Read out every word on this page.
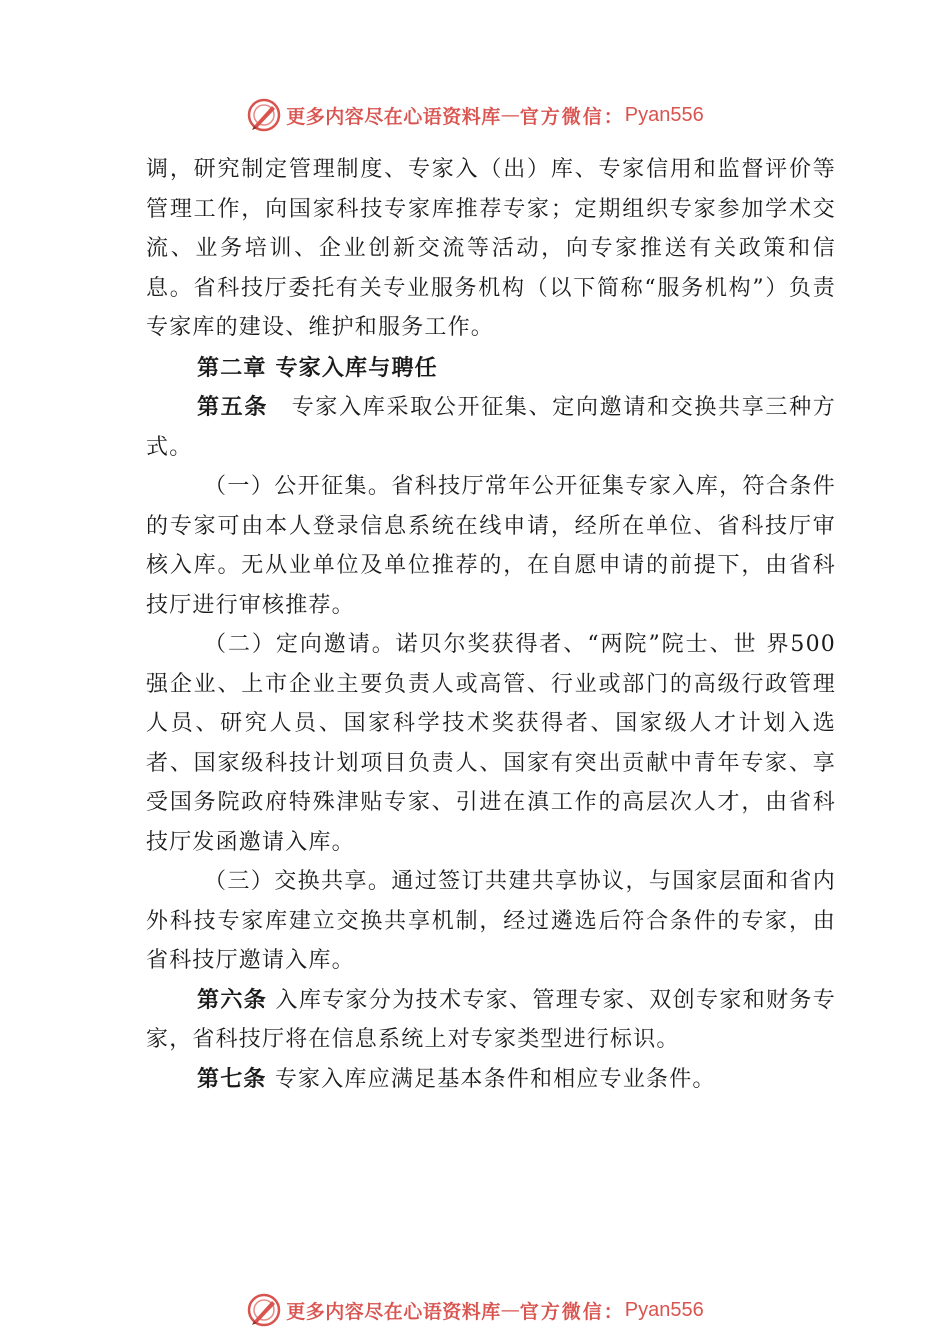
更多内容尽在心语资料库 — 官方微信： Pyan556

调，研究制定管理制度、专家入（出）库、专家信用和监督评价等管理工作，向国家科技专家库推荐专家；定期组织专家参加学术交流、业务培训、企业创新交流等活动，向专家推送有关政策和信息。省科技厅委托有关专业服务机构（以下简称“服务机构”）负责专家库的建设、维护和服务工作。

第二章 专家入库与聘任

第五条　专家入库采取公开征集、定向邀请和交换共享三种方式。

（一）公开征集。省科技厅常年公开征集专家入库，符合条件的专家可由本人登录信息系统在线申请，经所在单位、省科技厅审核入库。无从业单位及单位推荐的，在自愿申请的前提下，由省科技厅进行审核推荐。

（二）定向邀请。诺贝尔奖获得者、“两院”院士、世 界500强企业、上市企业主要负责人或高管、行业或部门的高级行政管理人员、研究人员、国家科学技术奖获得者、国家级人才计划入选者、国家级科技计划项目负责人、国家有突出贡献中青年专家、享受国务院政府特殊津贴专家、引进在滇工作的高层次人才，由省科技厅发函邀请入库。

（三）交换共享。通过签订共建共享协议，与国家层面和省内外科技专家库建立交换共享机制，经过遴选后符合条件的专家，由省科技厅邀请入库。

第六条 入库专家分为技术专家、管理专家、双创专家和财务专家，省科技厅将在信息系统上对专家类型进行标识。

第七条 专家入库应满足基本条件和相应专业条件。

更多内容尽在心语资料库 — 官方微信： Pyan556
